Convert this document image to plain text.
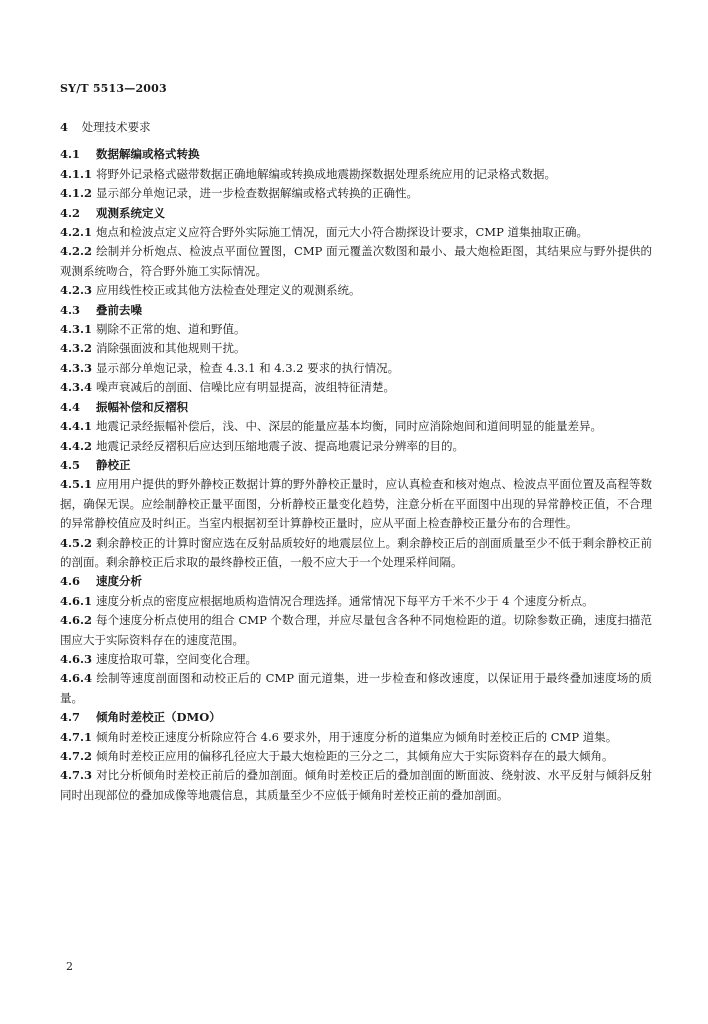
SY/T 5513—2003
4 处理技术要求
4.1 数据解编或格式转换
4.1.1 将野外记录格式磁带数据正确地解编或转换成地震勘探数据处理系统应用的记录格式数据。
4.1.2 显示部分单炮记录，进一步检查数据解编或格式转换的正确性。
4.2 观测系统定义
4.2.1 炮点和检波点定义应符合野外实际施工情况，面元大小符合勘探设计要求，CMP 道集抽取正确。
4.2.2 绘制并分析炮点、检波点平面位置图，CMP 面元覆盖次数图和最小、最大炮检距图，其结果应与野外提供的观测系统吻合，符合野外施工实际情况。
4.2.3 应用线性校正或其他方法检查处理定义的观测系统。
4.3 叠前去噪
4.3.1 剔除不正常的炮、道和野值。
4.3.2 消除强面波和其他规则干扰。
4.3.3 显示部分单炮记录，检查 4.3.1 和 4.3.2 要求的执行情况。
4.3.4 噪声衰减后的剖面、信噪比应有明显提高，波组特征清楚。
4.4 振幅补偿和反褶积
4.4.1 地震记录经振幅补偿后，浅、中、深层的能量应基本均衡，同时应消除炮间和道间明显的能量差异。
4.4.2 地震记录经反褶积后应达到压缩地震子波、提高地震记录分辨率的目的。
4.5 静校正
4.5.1 应用用户提供的野外静校正数据计算的野外静校正量时，应认真检查和核对炮点、检波点平面位置及高程等数据，确保无误。应绘制静校正量平面图，分析静校正量变化趋势，注意分析在平面图中出现的异常静校正值，不合理的异常静校值应及时纠正。当室内根据初至计算静校正量时，应从平面上检查静校正量分布的合理性。
4.5.2 剩余静校正的计算时窗应选在反射品质较好的地震层位上。剩余静校正后的剖面质量至少不低于剩余静校正前的剖面。剩余静校正后求取的最终静校正值，一般不应大于一个处理采样间隔。
4.6 速度分析
4.6.1 速度分析点的密度应根据地质构造情况合理选择。通常情况下每平方千米不少于 4 个速度分析点。
4.6.2 每个速度分析点使用的组合 CMP 个数合理，并应尽量包含各种不同炮检距的道。切除参数正确，速度扫描范围应大于实际资料存在的速度范围。
4.6.3 速度拾取可靠，空间变化合理。
4.6.4 绘制等速度剖面图和动校正后的 CMP 面元道集，进一步检查和修改速度，以保证用于最终叠加速度场的质量。
4.7 倾角时差校正（DMO）
4.7.1 倾角时差校正速度分析除应符合 4.6 要求外，用于速度分析的道集应为倾角时差校正后的 CMP 道集。
4.7.2 倾角时差校正应用的偏移孔径应大于最大炮检距的三分之二，其倾角应大于实际资料存在的最大倾角。
4.7.3 对比分析倾角时差校正前后的叠加剖面。倾角时差校正后的叠加剖面的断面波、绕射波、水平反射与倾斜反射同时出现部位的叠加成像等地震信息，其质量至少不应低于倾角时差校正前的叠加剖面。
2
